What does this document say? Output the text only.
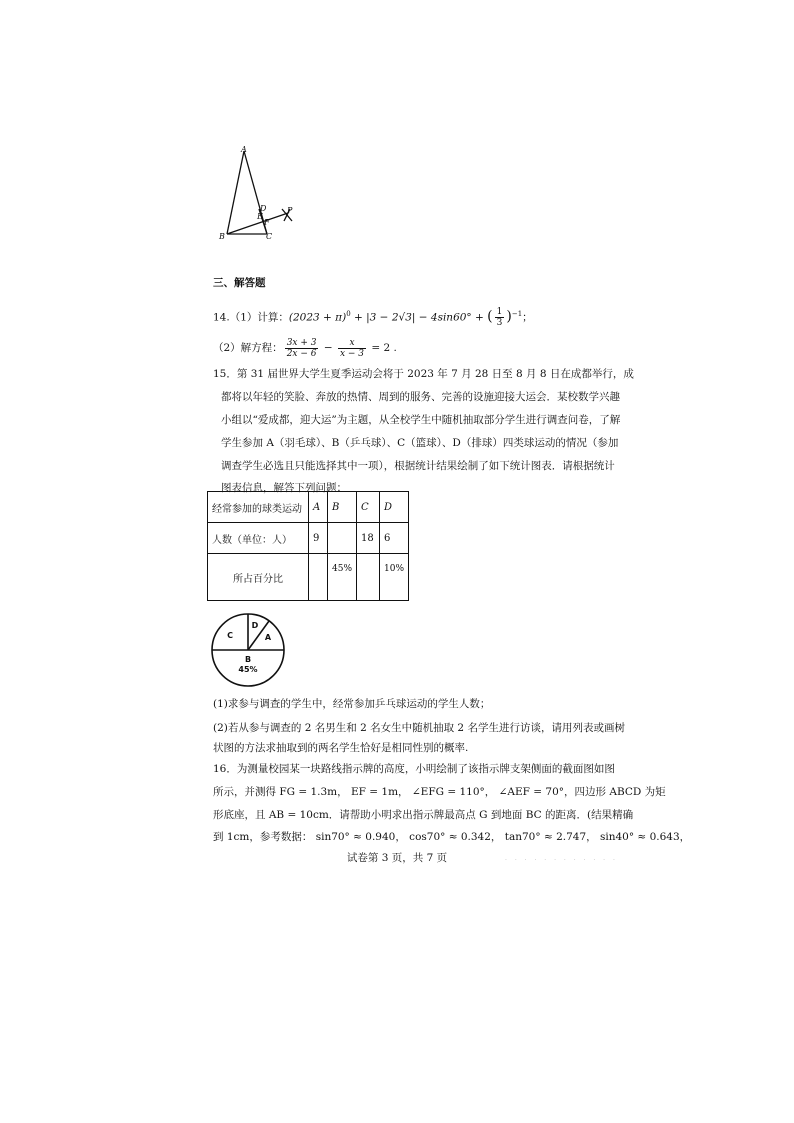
A
B	C
D
E
F
P
三、解答题
14.（1）计算：$(2023 + \pi)^0 + |3 - 2√3| - 4\sin 60^\circ$ + ( $\frac{1}{3} )^{-1}$；
（2）解方程： $\frac{3x + 3}{2x - 6} - \frac{x}{x - 3} = 2$ .
15．第 31 届世界大学生夏季运动会将于 2023 年 7 月 28 日至 8 月 8 日在成都举行，成
都将以年轻的笑脸、奔放的热情、周到的服务、完善的设施迎接大运会．某校数学兴趣
小组以“爱成都，迎大运”为主题，从全校学生中随机抽取部分学生进行调查问卷，了解
学生参加 A（羽毛球）、B（乒乓球）、C（篮球）、D（排球）四类球运动的情况（参加
调查学生必选且只能选择其中一项），根据统计结果绘制了如下统计图表．请根据统计
图表信息，解答下列问题：
经常参加的球类运动	A	B	C	D
人数（单位：人）	9		18	6
所占百分比		45%		10%
D
A
C
B
45%
(1)求参与调查的学生中，经常参加乒乓球运动的学生人数；
(2)若从参与调查的 2 名男生和 2 名女生中随机抽取 2 名学生进行访谈，请用列表或画树
状图的方法求抽取到的两名学生恰好是相同性别的概率.
16．为测量校园某一块路线指示牌的高度，小明绘制了该指示牌支架侧面的截面图如图
所示，并测得 FG = 1.3m， EF = 1m， ∠EFG = 110°， ∠AEF = 70°，四边形 ABCD 为矩
形底座，且 AB = 10cm．请帮助小明求出指示牌最高点 G 到地面 BC 的距离．(结果精确
到 1cm，参考数据： sin70° ≈ 0.940， cos70° ≈ 0.342， tan70° ≈ 2.747， sin40° ≈ 0.643，
试卷第 3 页，共 7 页	· · · · · · · · · · · ·
